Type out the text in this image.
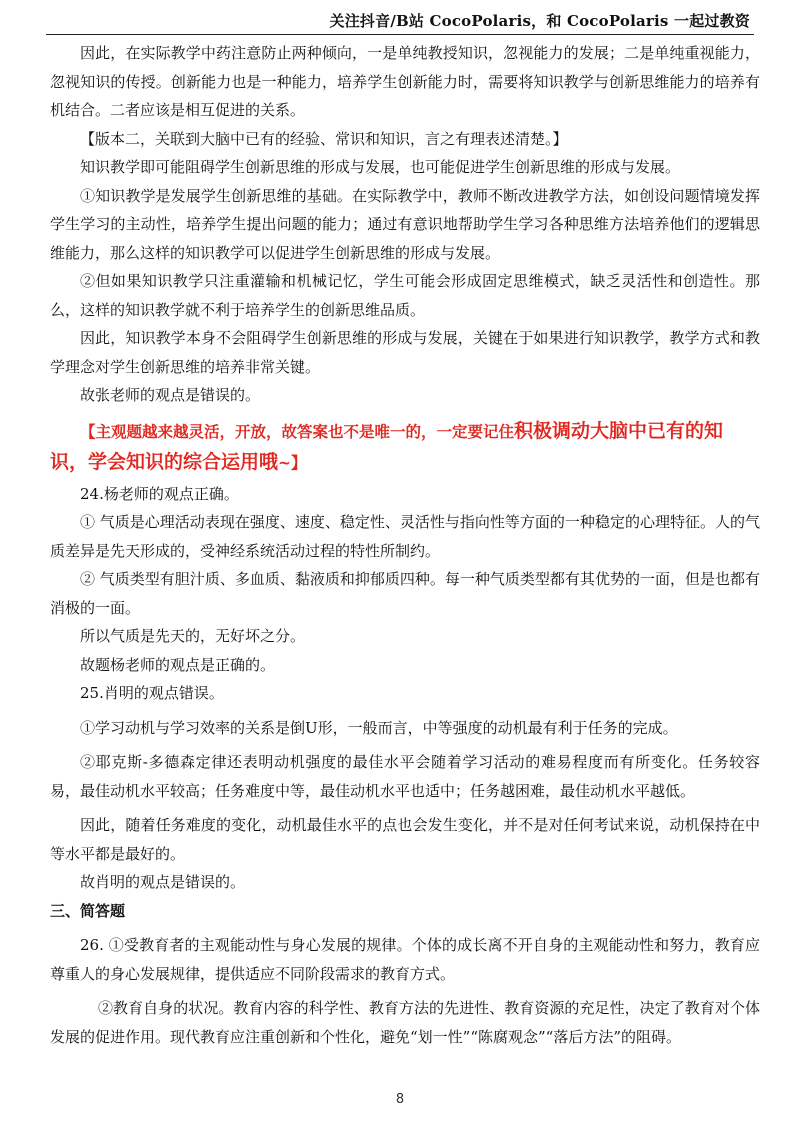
关注抖音/B站 CocoPolaris，和 CocoPolaris 一起过教资

因此，在实际教学中药注意防止两种倾向，一是单纯教授知识，忽视能力的发展；二是单纯重视能力，忽视知识的传授。创新能力也是一种能力，培养学生创新能力时，需要将知识教学与创新思维能力的培养有机结合。二者应该是相互促进的关系。

【版本二，关联到大脑中已有的经验、常识和知识，言之有理表述清楚。】

知识教学即可能阻碍学生创新思维的形成与发展，也可能促进学生创新思维的形成与发展。

①知识教学是发展学生创新思维的基础。在实际教学中，教师不断改进教学方法，如创设问题情境发挥学生学习的主动性，培养学生提出问题的能力；通过有意识地帮助学生学习各种思维方法培养他们的逻辑思维能力，那么这样的知识教学可以促进学生创新思维的形成与发展。

②但如果知识教学只注重灌输和机械记忆，学生可能会形成固定思维模式，缺乏灵活性和创造性。那么，这样的知识教学就不利于培养学生的创新思维品质。

因此，知识教学本身不会阻碍学生创新思维的形成与发展，关键在于如果进行知识教学，教学方式和教学理念对学生创新思维的培养非常关键。

故张老师的观点是错误的。

【主观题越来越灵活，开放，故答案也不是唯一的，一定要记住积极调动大脑中已有的知识，学会知识的综合运用哦~】

24.杨老师的观点正确。

① 气质是心理活动表现在强度、速度、稳定性、灵活性与指向性等方面的一种稳定的心理特征。人的气质差异是先天形成的，受神经系统活动过程的特性所制约。

② 气质类型有胆汁质、多血质、黏液质和抑郁质四种。每一种气质类型都有其优势的一面，但是也都有消极的一面。

所以气质是先天的，无好坏之分。

故题杨老师的观点是正确的。

25.肖明的观点错误。

①学习动机与学习效率的关系是倒U形，一般而言，中等强度的动机最有利于任务的完成。

②耶克斯-多德森定律还表明动机强度的最佳水平会随着学习活动的难易程度而有所变化。任务较容易，最佳动机水平较高；任务难度中等，最佳动机水平也适中；任务越困难，最佳动机水平越低。

因此，随着任务难度的变化，动机最佳水平的点也会发生变化，并不是对任何考试来说，动机保持在中等水平都是最好的。

故肖明的观点是错误的。

三、简答题

26. ①受教育者的主观能动性与身心发展的规律。个体的成长离不开自身的主观能动性和努力，教育应尊重人的身心发展规律，提供适应不同阶段需求的教育方式。

②教育自身的状况。教育内容的科学性、教育方法的先进性、教育资源的充足性，决定了教育对个体发展的促进作用。现代教育应注重创新和个性化，避免“划一性”“陈腐观念”“落后方法”的阻碍。

8
